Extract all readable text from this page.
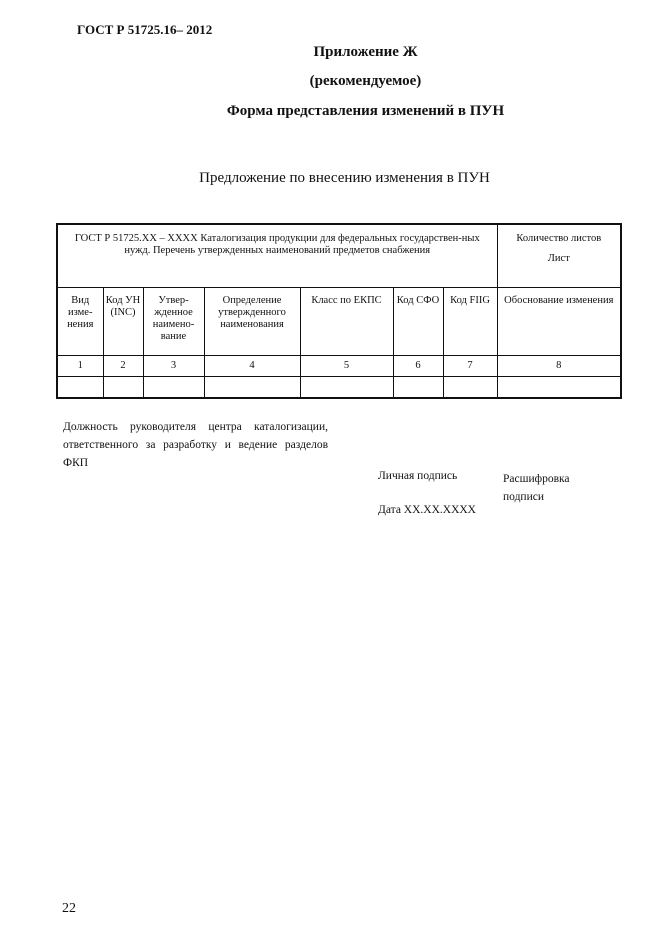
ГОСТ Р 51725.16– 2012
Приложение Ж
(рекомендуемое)
Форма представления изменений в ПУН
Предложение по внесению изменения в ПУН
ГОСТ Р 51725.ХХ – ХХХХ Каталогизация продукции для федеральных государствен-ных нужд. Перечень утвержденных наименований предметов снабжения							Количество листов
Лист

Вид изме-нения	Код УН (INC)	Утвер-жденное наимено-вание	Определение утвержденного наименования	Класс по ЕКПС	Код СФО	Код FIIG	Обоснование изменения
1	2	3	4	5	6	7	8

Должность руководителя центра каталогизации, ответственного за разработку и ведение разделов ФКП
Личная подпись	Расшифровка
подписи
Дата ХХ.ХХ.ХХХХ
22
